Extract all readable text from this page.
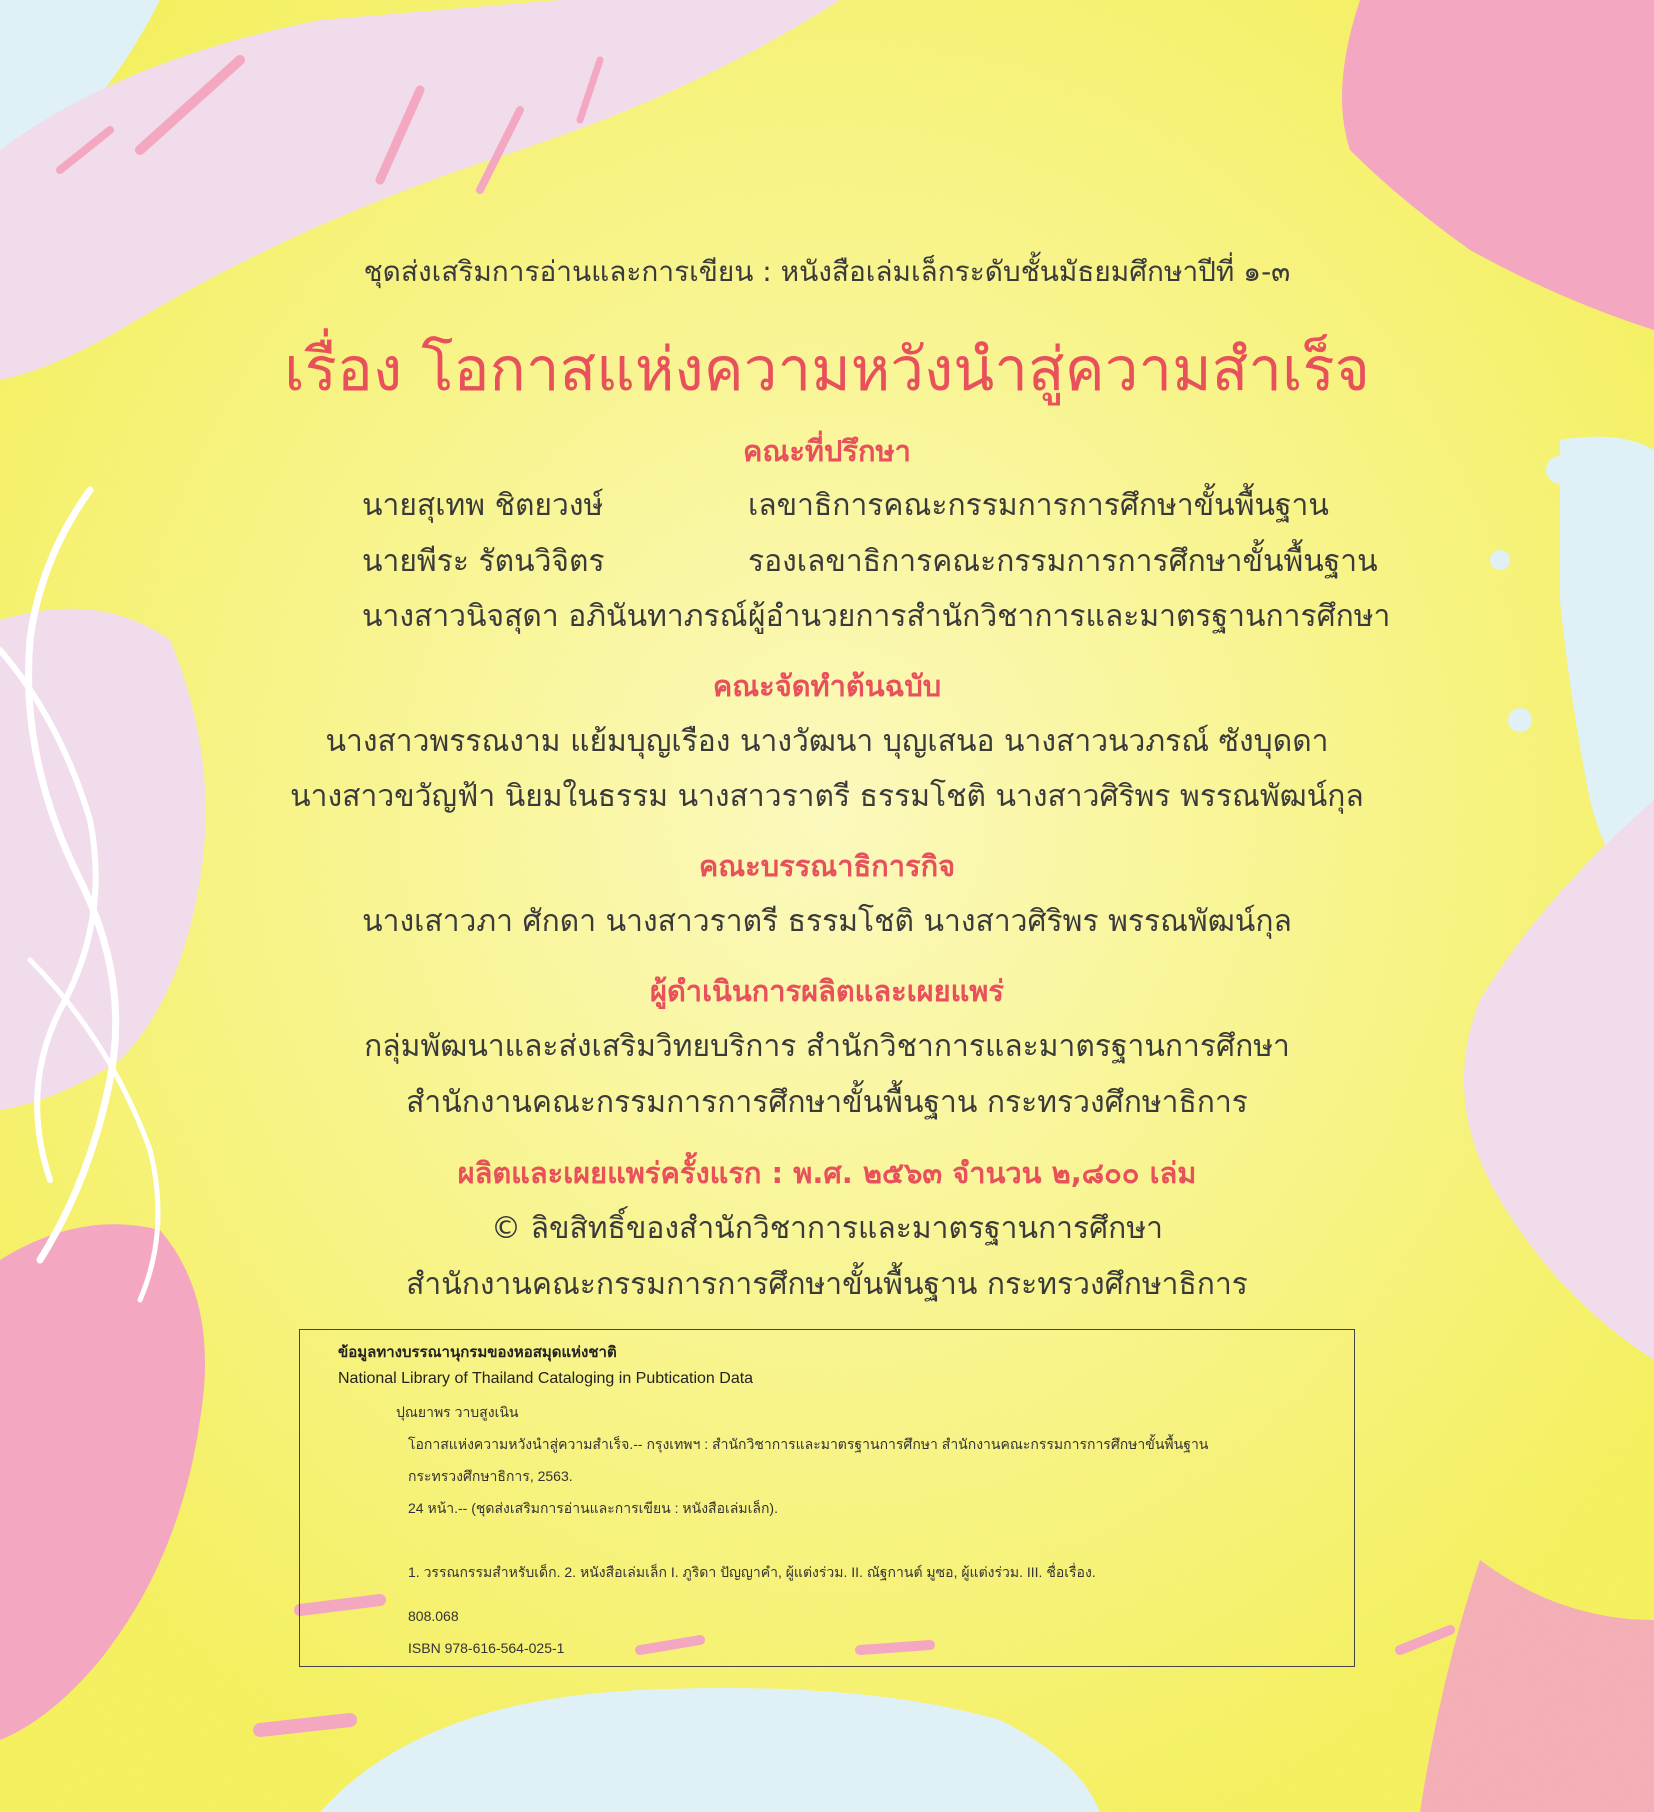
ชุดส่งเสริมการอ่านและการเขียน : หนังสือเล่มเล็กระดับชั้นมัธยมศึกษาปีที่ ๑-๓
เรื่อง โอกาสแห่งความหวังนำสู่ความสำเร็จ
คณะที่ปรึกษา
นายสุเทพ ชิตยวงษ์	เลขาธิการคณะกรรมการการศึกษาขั้นพื้นฐาน
นายพีระ รัตนวิจิตร	รองเลขาธิการคณะกรรมการการศึกษาขั้นพื้นฐาน
นางสาวนิจสุดา อภินันทาภรณ์ ผู้อำนวยการสำนักวิชาการและมาตรฐานการศึกษา
คณะจัดทำต้นฉบับ
นางสาวพรรณงาม แย้มบุญเรือง นางวัฒนา บุญเสนอ นางสาวนวภรณ์ ซังบุดดา
นางสาวขวัญฟ้า นิยมในธรรม นางสาวราตรี ธรรมโชติ นางสาวศิริพร พรรณพัฒน์กุล
คณะบรรณาธิการกิจ
นางเสาวภา ศักดา นางสาวราตรี ธรรมโชติ นางสาวศิริพร พรรณพัฒน์กุล
ผู้ดำเนินการผลิตและเผยแพร่
กลุ่มพัฒนาและส่งเสริมวิทยบริการ สำนักวิชาการและมาตรฐานการศึกษา
สำนักงานคณะกรรมการการศึกษาขั้นพื้นฐาน กระทรวงศึกษาธิการ
ผลิตและเผยแพร่ครั้งแรก : พ.ศ. ๒๕๖๓ จำนวน ๒,๘๐๐ เล่ม
© ลิขสิทธิ์ของสำนักวิชาการและมาตรฐานการศึกษา
สำนักงานคณะกรรมการการศึกษาขั้นพื้นฐาน กระทรวงศึกษาธิการ
ข้อมูลทางบรรณานุกรมของหอสมุดแห่งชาติ
National Library of Thailand Cataloging in Pubtication Data
ปุณยาพร วาบสูงเนิน
โอกาสแห่งความหวังนำสู่ความสำเร็จ.-- กรุงเทพฯ : สำนักวิชาการและมาตรฐานการศึกษา สำนักงานคณะกรรมการการศึกษาขั้นพื้นฐาน
กระทรวงศึกษาธิการ, 2563.
24 หน้า.-- (ชุดส่งเสริมการอ่านและการเขียน : หนังสือเล่มเล็ก).
1. วรรณกรรมสำหรับเด็ก. 2. หนังสือเล่มเล็ก I. ภูริดา ปัญญาคำ, ผู้แต่งร่วม. II. ณัฐกานต์ มูซอ, ผู้แต่งร่วม. III. ชื่อเรื่อง.
808.068
ISBN 978-616-564-025-1
